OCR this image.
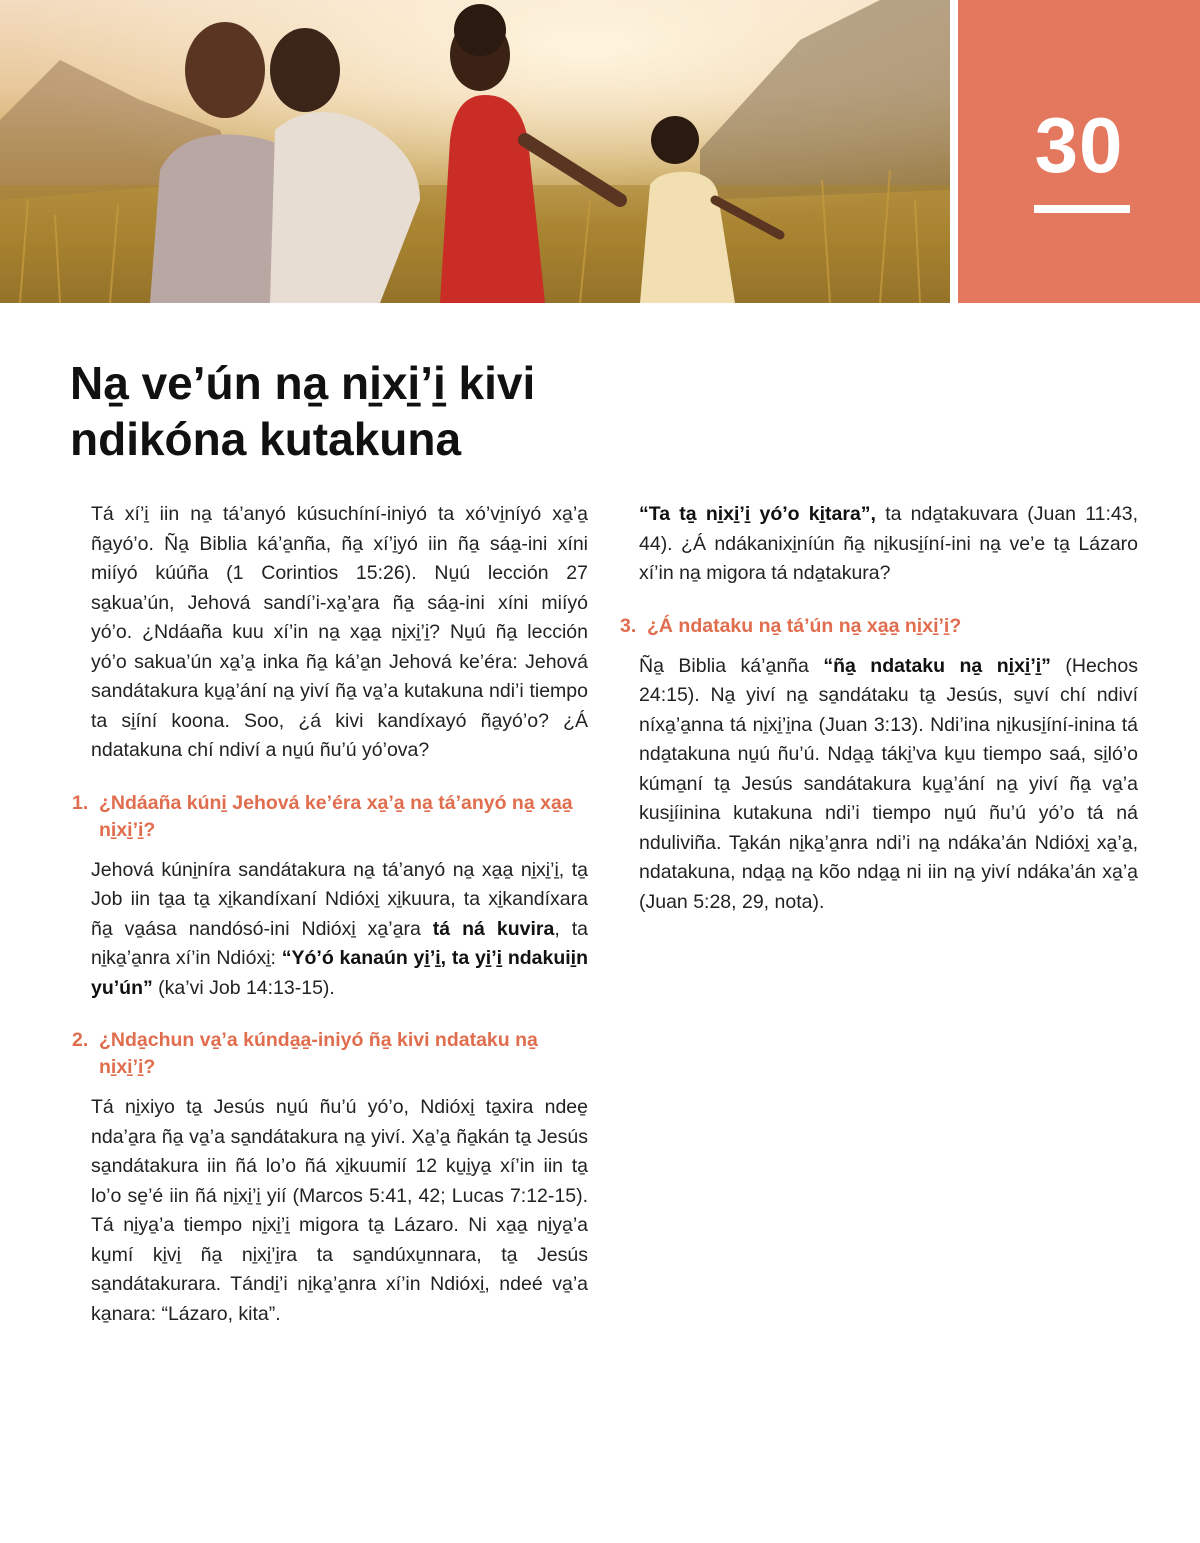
30
Na̱ ve’ún na̱ ni̱xi̱’i̱ kivi
ndikóna kutakuna

Tá xí’i̱ iin na̱ tá’anyó kúsuchíní-iniyó ta xó’vi̱níyó xa̱’a̱ ña̱yó’o. Ña̱ Biblia ká’a̱nña, ña̱ xí’i̱yó iin ña̱ sáa̱-ini xíni miíyó kúúña (1 Corintios 15:26). Nu̱ú lección 27 sa̱kua’ún, Jehová sandí’i-xa̱’a̱ra ña̱ sáa̱-ini xíni miíyó yó’o. ¿Ndáaña kuu xí’in na̱ xa̱a̱ ni̱xi̱’i̱? Nu̱ú ña̱ lección yó’o sakua’ún xa̱’a̱ inka ña̱ ká’a̱n Jehová ke’éra: Jehová sandátakura ku̱a̱’ání na̱ yiví ña̱ va̱’a kutakuna ndi’i tiempo ta si̱íní koona. Soo, ¿á kivi kandíxayó ña̱yó’o? ¿Á ndatakuna chí ndiví a nu̱ú ñu’ú yó’ova?

1. ¿Ndáaña kúni̱ Jehová ke’éra xa̱’a̱ na̱ tá’anyó na̱ xa̱a̱ ni̱xi̱’i̱?

Jehová kúni̱níra sandátakura na̱ tá’anyó na̱ xa̱a̱ ni̱xi̱’i̱, ta̱ Job iin ta̱a ta̱ xi̱kandíxaní Ndióxi̱ xi̱kuura, ta xi̱kandíxara ña̱ va̱ása nandósó-ini Ndióxi̱ xa̱’a̱ra tá ná kuvira, ta ni̱ka̱’a̱nra xí’in Ndióxi̱: “Yó’ó kanaún yi̱’i̱, ta yi̱’i̱ ndakuii̱n yu’ún” (ka’vi Job 14:13-15).

2. ¿Nda̱chun va̱’a kúnda̱a̱-iniyó ña̱ kivi ndataku na̱ ni̱xi̱’i̱?

Tá ni̱xiyo ta̱ Jesús nu̱ú ñu’ú yó’o, Ndióxi̱ ta̱xira ndee̱ nda’a̱ra ña̱ va̱’a sa̱ndátakura na̱ yiví. Xa̱’a̱ ña̱kán ta̱ Jesús sa̱ndátakura iin ñá lo’o ñá xi̱kuumií 12 ku̱i̱ya̱ xí’in iin ta̱ lo’o se̱’é iin ñá ni̱xi̱’i̱ yií (Marcos 5:41, 42; Lucas 7:12-15). Tá ni̱ya̱’a tiempo ni̱xi̱’i̱ migora ta̱ Lázaro. Ni xa̱a̱ ni̱ya̱’a ku̱mí ki̱vi̱ ña̱ ni̱xi̱’i̱ra ta sa̱ndúxu̱nnara, ta̱ Jesús sa̱ndátakurara. Tándi̱’i ni̱ka̱’a̱nra xí’in Ndióxi̱, ndeé va̱’a ka̱nara: “Lázaro, kita”.

“Ta ta̱ ni̱xi̱’i̱ yó’o ki̱tara”, ta nda̱takuvara (Juan 11:43, 44). ¿Á ndákanixi̱níún ña̱ ni̱kusi̱íní-ini na̱ ve’e ta̱ Lázaro xí’in na̱ migora tá nda̱takura?

3. ¿Á ndataku na̱ tá’ún na̱ xa̱a̱ ni̱xi̱’i̱?

Ña̱ Biblia ká’a̱nña “ña̱ ndataku na̱ ni̱xi̱’i̱” (Hechos 24:15). Na̱ yiví na̱ sa̱ndátaku ta̱ Jesús, su̱ví chí ndiví níxa̱’a̱nna tá ni̱xi̱’i̱na (Juan 3:13). Ndi’ina ni̱kusi̱íní-inina tá nda̱takuna nu̱ú ñu’ú. Nda̱a̱ táki̱’va ku̱u tiempo saá, si̱ló’o kúma̱ní ta̱ Jesús sandátakura ku̱a̱’ání na̱ yiví ña̱ va̱’a kusi̱íinina kutakuna ndi’i tiempo nu̱ú ñu’ú yó’o tá ná nduliviña. Ta̱kán ni̱ka̱’a̱nra ndi’i na̱ ndáka’án Ndióxi̱ xa̱’a̱, ndatakuna, nda̱a̱ na̱ kõo nda̱a̱ ni iin na̱ yiví ndáka’án xa̱’a̱ (Juan 5:28, 29, nota).
